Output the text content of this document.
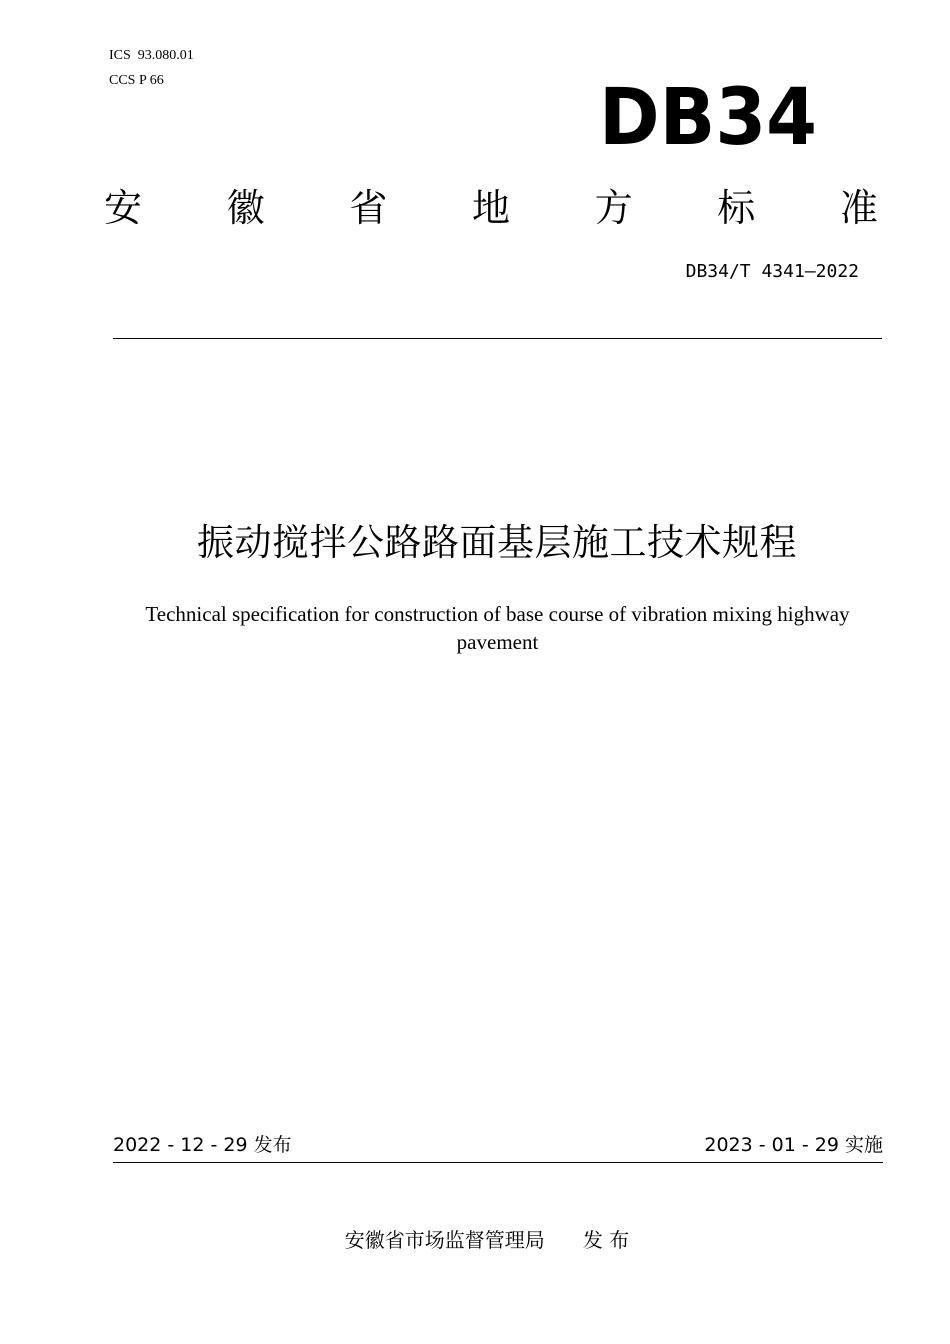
ICS  93.080.01
CCS P 66	DB34
安 徽 省 地 方 标 准
DB34/T 4341—2022
振动搅拌公路路面基层施工技术规程
Technical specification for construction of base course of vibration mixing highway pavement
2022 - 12 - 29 发布	2023 - 01 - 29 实施
安徽省市场监督管理局      发 布
